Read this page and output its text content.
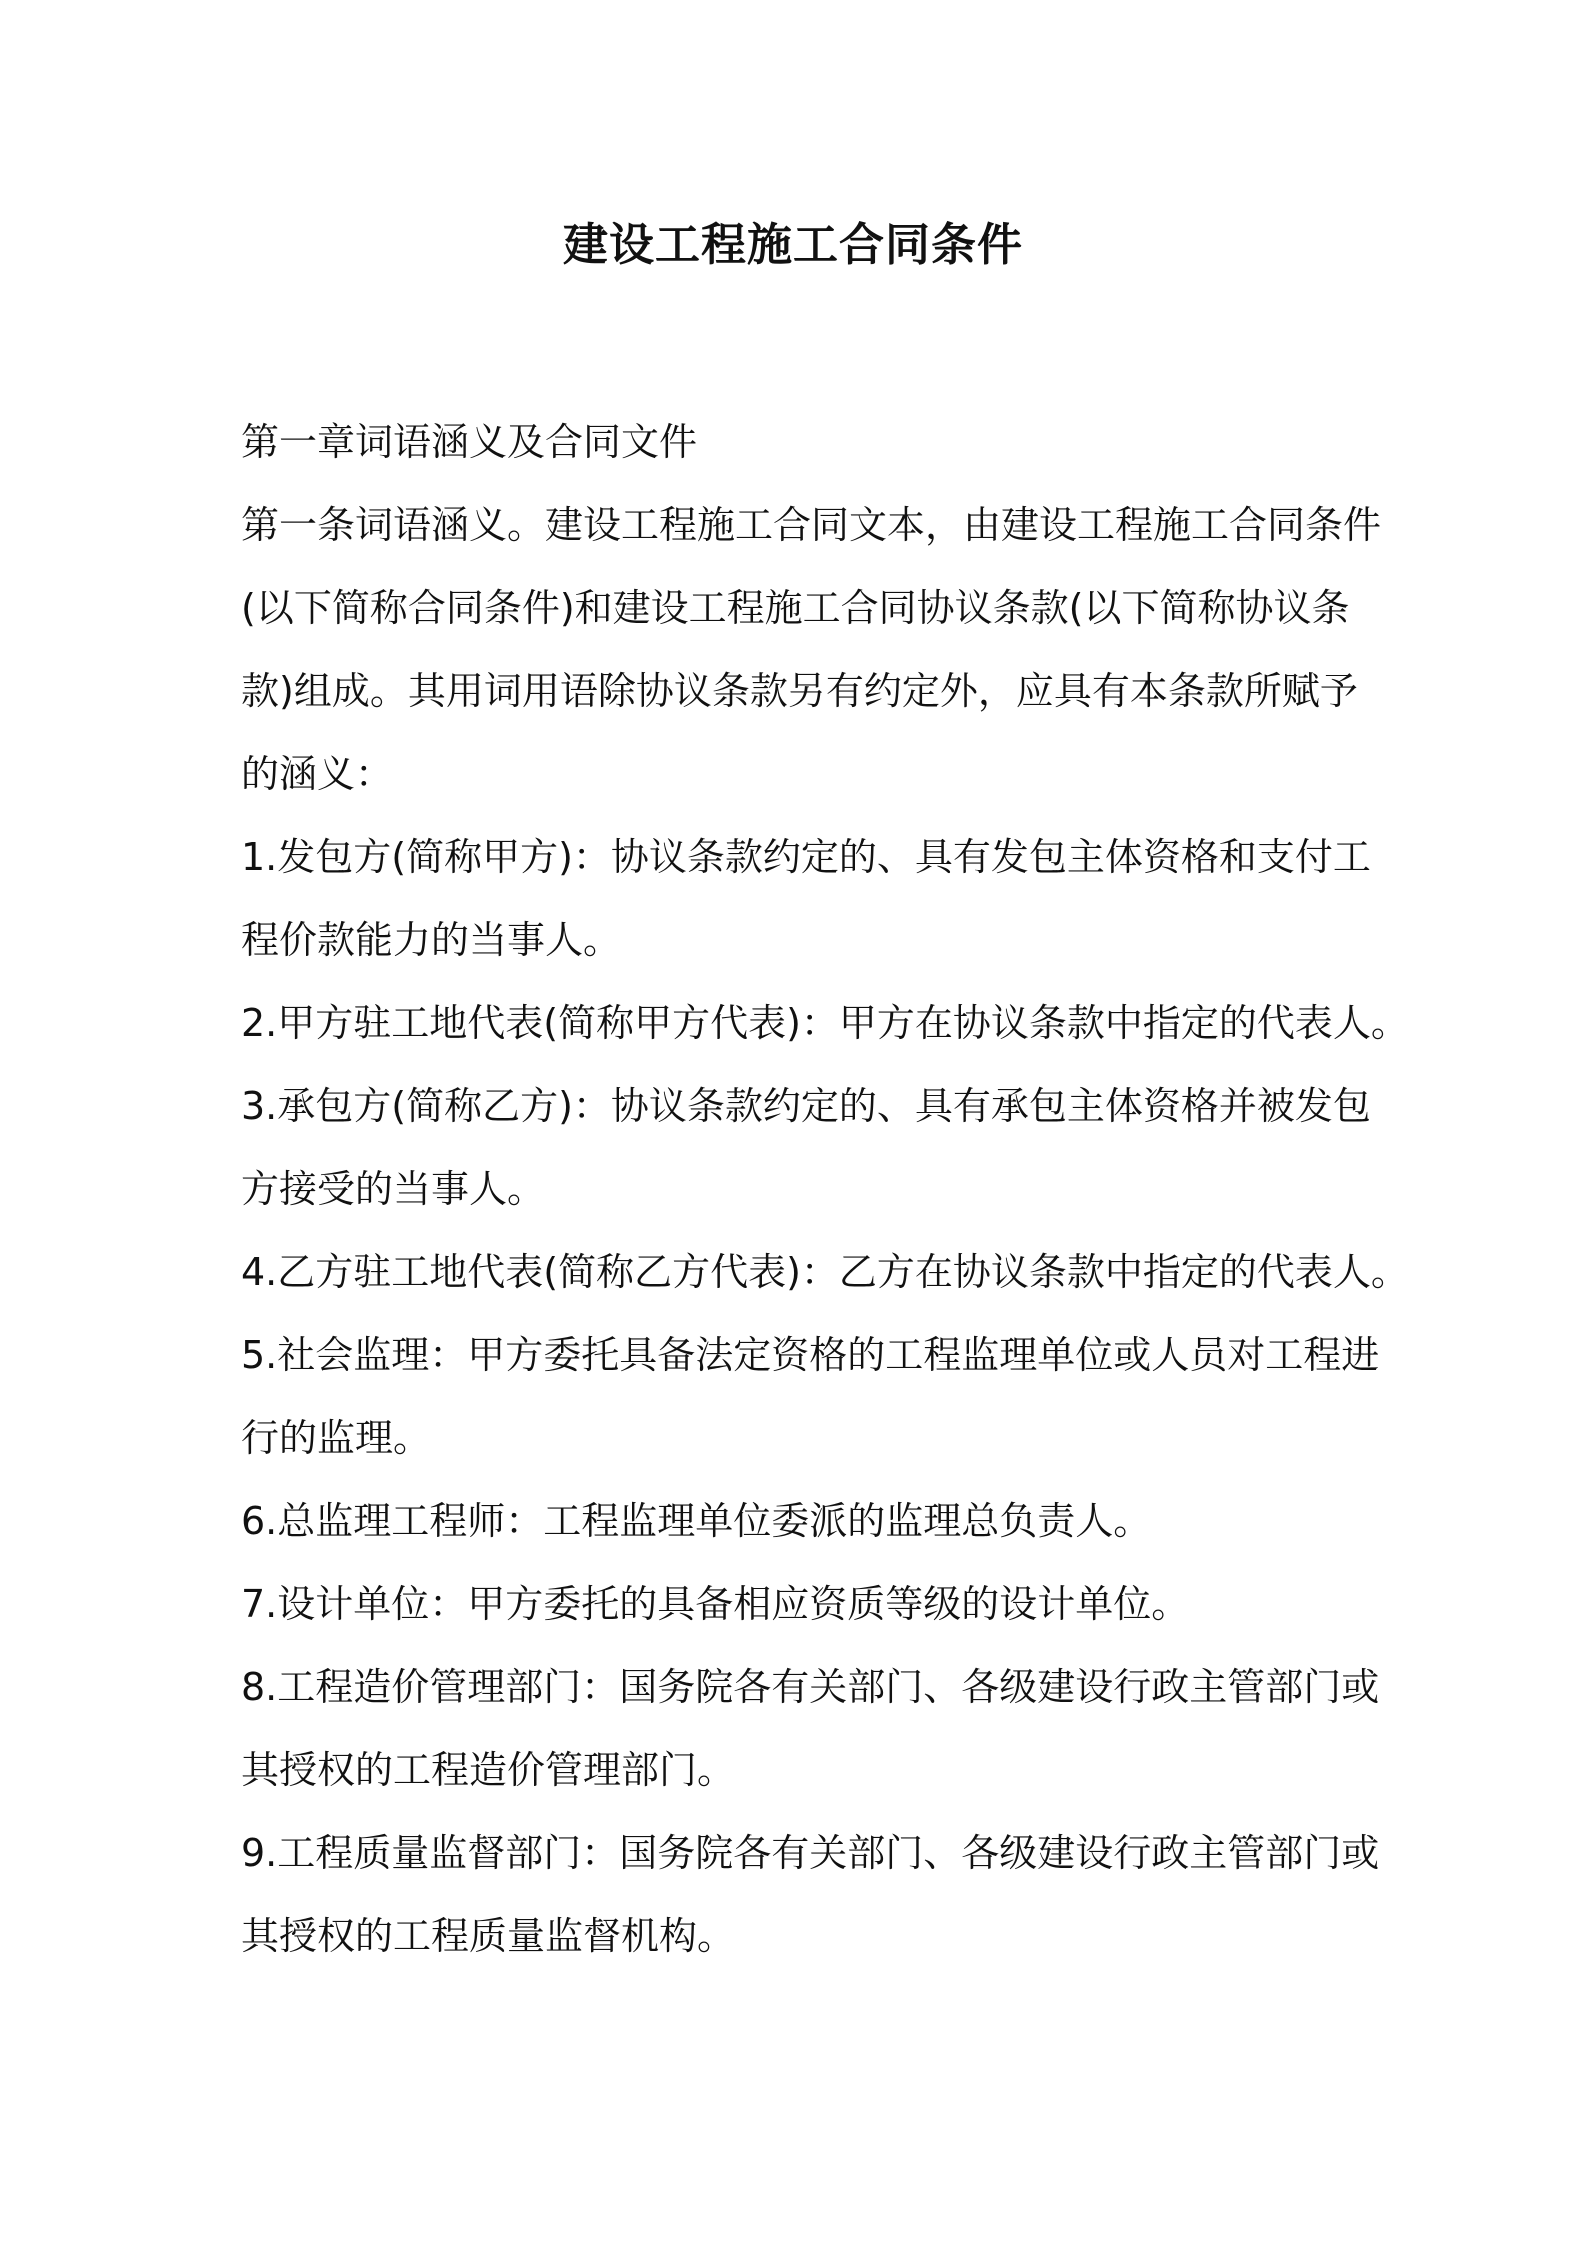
建设工程施工合同条件

第一章词语涵义及合同文件

第一条词语涵义。建设工程施工合同文本，由建设工程施工合同条件

(以下简称合同条件)和建设工程施工合同协议条款(以下简称协议条

款)组成。其用词用语除协议条款另有约定外，应具有本条款所赋予

的涵义：

1.发包方(简称甲方)：协议条款约定的、具有发包主体资格和支付工

程价款能力的当事人。

2.甲方驻工地代表(简称甲方代表)：甲方在协议条款中指定的代表人。

3.承包方(简称乙方)：协议条款约定的、具有承包主体资格并被发包

方接受的当事人。

4.乙方驻工地代表(简称乙方代表)：乙方在协议条款中指定的代表人。

5.社会监理：甲方委托具备法定资格的工程监理单位或人员对工程进

行的监理。

6.总监理工程师：工程监理单位委派的监理总负责人。

7.设计单位：甲方委托的具备相应资质等级的设计单位。

8.工程造价管理部门：国务院各有关部门、各级建设行政主管部门或

其授权的工程造价管理部门。

9.工程质量监督部门：国务院各有关部门、各级建设行政主管部门或

其授权的工程质量监督机构。
